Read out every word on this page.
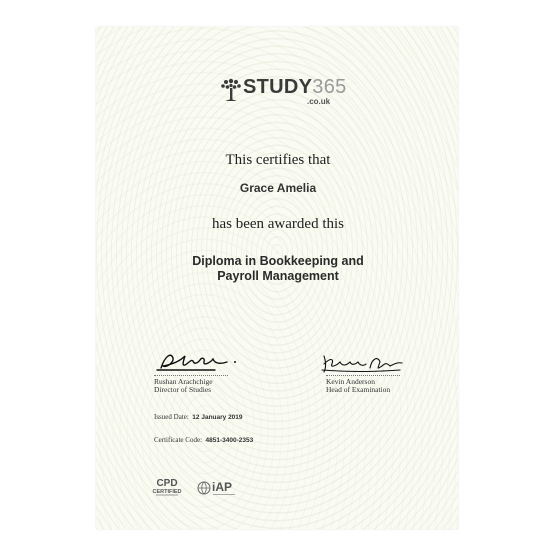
STUDY365
.co.uk
This certifies that
Grace Amelia
has been awarded this
Diploma in Bookkeeping and
Payroll Management
Rushan Arachchige
Director of Studies
Kevin Anderson
Head of Examination
Issued Date: 12 January 2019
Certificate Code: 4851-3400-2353
CPD
CERTIFIED	iAP
